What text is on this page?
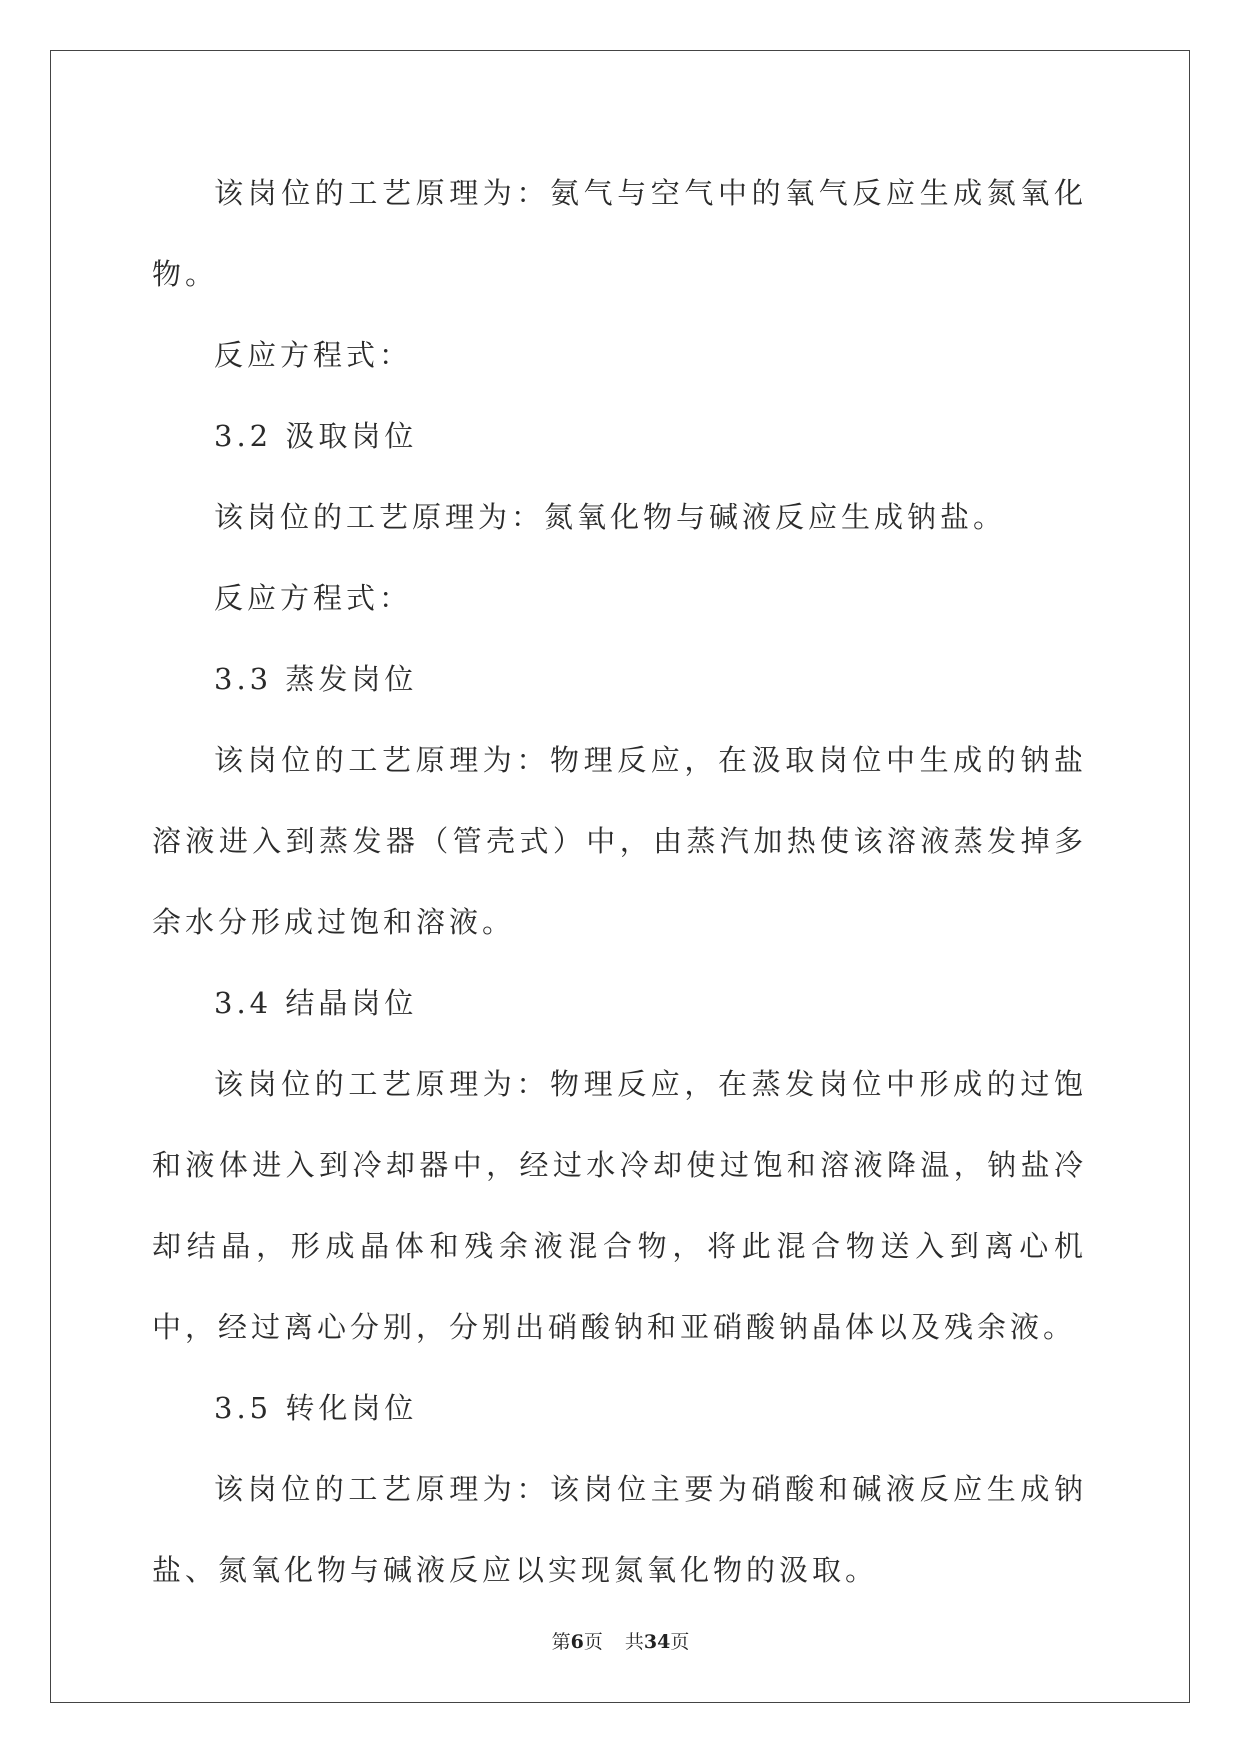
该岗位的工艺原理为：氨气与空气中的氧气反应生成氮氧化物。

反应方程式：

3.2 汲取岗位

该岗位的工艺原理为：氮氧化物与碱液反应生成钠盐。

反应方程式：

3.3 蒸发岗位

该岗位的工艺原理为：物理反应，在汲取岗位中生成的钠盐溶液进入到蒸发器（管壳式）中，由蒸汽加热使该溶液蒸发掉多余水分形成过饱和溶液。

3.4 结晶岗位

该岗位的工艺原理为：物理反应，在蒸发岗位中形成的过饱和液体进入到冷却器中，经过水冷却使过饱和溶液降温，钠盐冷却结晶，形成晶体和残余液混合物，将此混合物送入到离心机中，经过离心分别，分别出硝酸钠和亚硝酸钠晶体以及残余液。

3.5 转化岗位

该岗位的工艺原理为：该岗位主要为硝酸和碱液反应生成钠盐、氮氧化物与碱液反应以实现氮氧化物的汲取。

第6页 共34页
